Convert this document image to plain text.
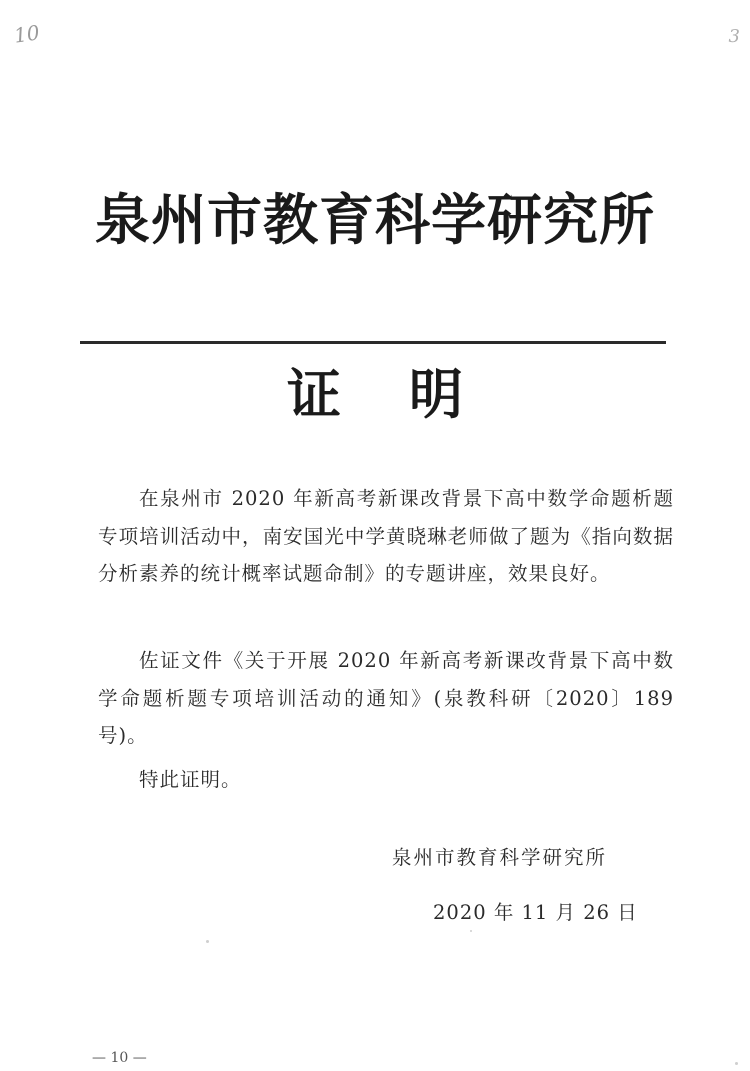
10	3
泉州市教育科学研究所
证 明

在泉州市 2020 年新高考新课改背景下高中数学命题析题专项培训活动中，南安国光中学黄晓琳老师做了题为《指向数据分析素养的统计概率试题命制》的专题讲座，效果良好。

佐证文件《关于开展 2020 年新高考新课改背景下高中数学命题析题专项培训活动的通知》(泉教科研〔2020〕189 号)。

特此证明。

泉州市教育科学研究所
2020 年 11 月 26 日
— 10 —
